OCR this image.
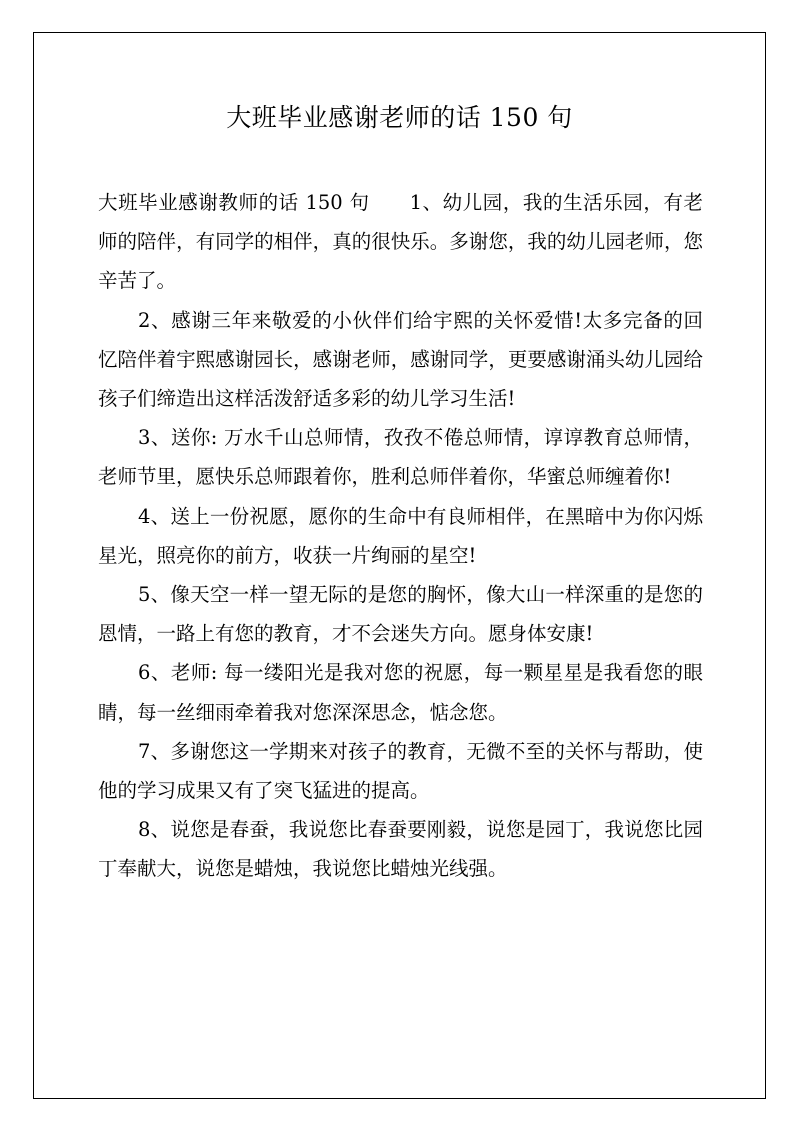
大班毕业感谢老师的话 150 句

大班毕业感谢教师的话 150 句 1、幼儿园，我的生活乐园，有老师的陪伴，有同学的相伴，真的很快乐。多谢您，我的幼儿园老师，您辛苦了。

2、感谢三年来敬爱的小伙伴们给宇熙的关怀爱惜!太多完备的回忆陪伴着宇熙感谢园长，感谢老师，感谢同学，更要感谢涌头幼儿园给孩子们缔造出这样活泼舒适多彩的幼儿学习生活!

3、送你: 万水千山总师情，孜孜不倦总师情，谆谆教育总师情，老师节里，愿快乐总师跟着你，胜利总师伴着你，华蜜总师缠着你!

4、送上一份祝愿，愿你的生命中有良师相伴，在黑暗中为你闪烁星光，照亮你的前方，收获一片绚丽的星空!

5、像天空一样一望无际的是您的胸怀，像大山一样深重的是您的恩情，一路上有您的教育，才不会迷失方向。愿身体安康!

6、老师: 每一缕阳光是我对您的祝愿，每一颗星星是我看您的眼睛，每一丝细雨牵着我对您深深思念，惦念您。

7、多谢您这一学期来对孩子的教育，无微不至的关怀与帮助，使他的学习成果又有了突飞猛进的提高。

8、说您是春蚕，我说您比春蚕要刚毅，说您是园丁，我说您比园丁奉献大，说您是蜡烛，我说您比蜡烛光线强。
